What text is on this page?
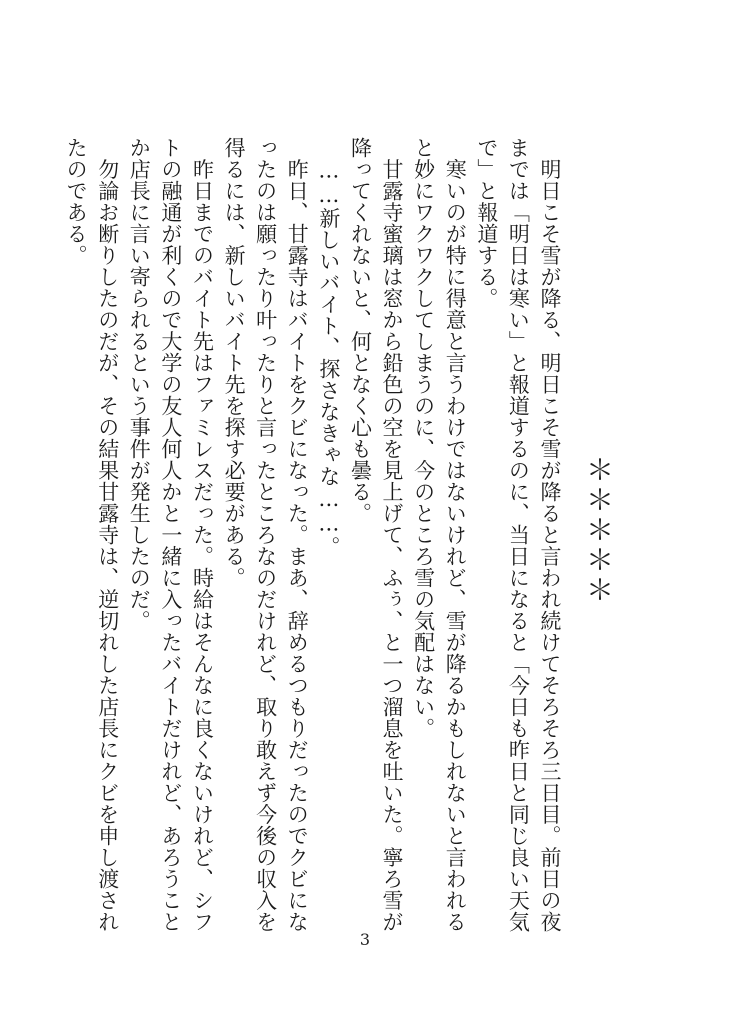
＊＊＊＊＊
　明日こそ雪が降る、明日こそ雪が降ると言われ続けてそろそろ三日目。前日の夜
までは「明日は寒い」と報道するのに、当日になると「今日も昨日と同じ良い天気
で」と報道する。
　寒いのが特に得意と言うわけではないけれど、雪が降るかもしれないと言われる
と妙にワクワクしてしまうのに、今のところ雪の気配はない。
　甘露寺蜜璃は窓から鉛色の空を見上げて、ふぅ、と一つ溜息を吐いた。寧ろ雪が
降ってくれないと、何となく心も曇る。
　……新しいバイト、探さなきゃな……。
　昨日、甘露寺はバイトをクビになった。まあ、辞めるつもりだったのでクビにな
ったのは願ったり叶ったりと言ったところなのだけれど、取り敢えず今後の収入を
得るには、新しいバイト先を探す必要がある。
　昨日までのバイト先はファミレスだった。時給はそんなに良くないけれど、シフ
トの融通が利くので大学の友人何人かと一緒に入ったバイトだけれど、あろうこと
か店長に言い寄られるという事件が発生したのだ。
　勿論お断りしたのだが、その結果甘露寺は、逆切れした店長にクビを申し渡され
たのである。
3
